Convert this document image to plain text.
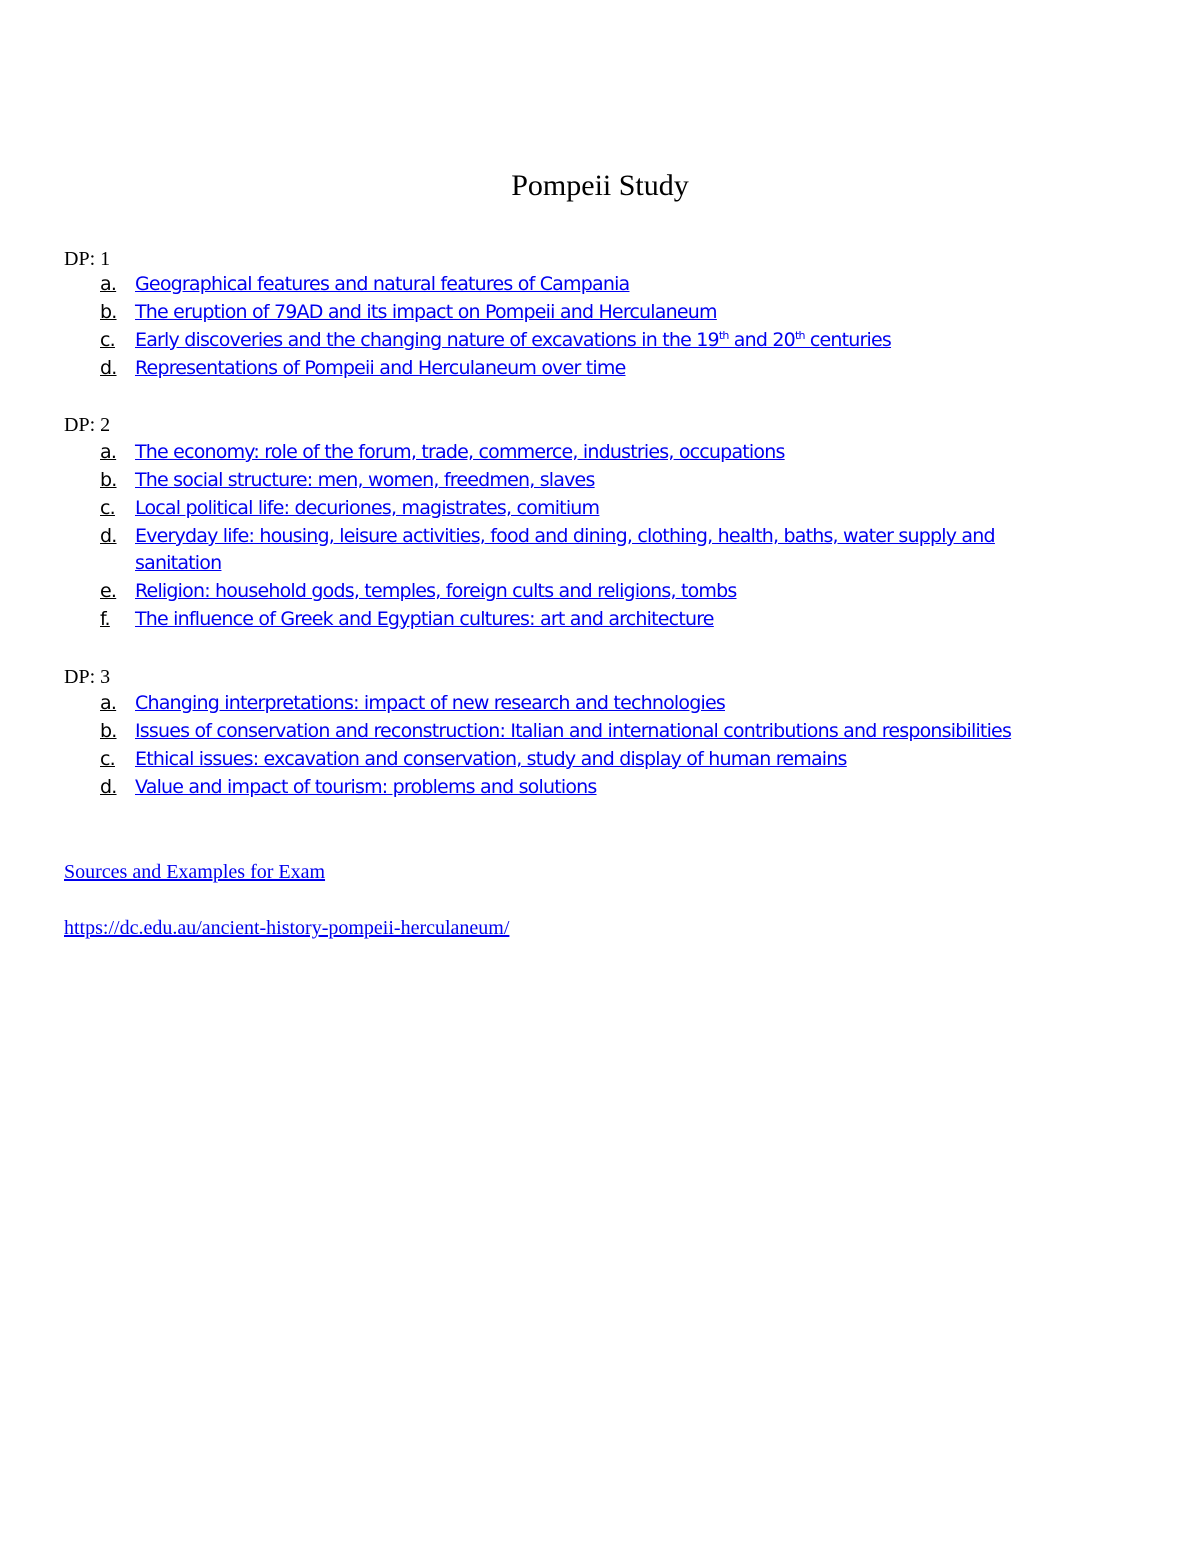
Pompeii Study
DP: 1
a. Geographical features and natural features of Campania
b. The eruption of 79AD and its impact on Pompeii and Herculaneum
c.	Early discoveries and the changing nature of excavations in the 19th and 20th centuries
d. Representations of Pompeii and Herculaneum over time
DP: 2
a. The economy: role of the forum, trade, commerce, industries, occupations
b. The social structure: men, women, freedmen, slaves
c.	Local political life: decuriones, magistrates, comitium
d. Everyday life: housing, leisure activities, food and dining, clothing, health, baths, water supply and sanitation
e. Religion: household gods, temples, foreign cults and religions, tombs
f.	The influence of Greek and Egyptian cultures: art and architecture
DP: 3
a. Changing interpretations: impact of new research and technologies
b. Issues of conservation and reconstruction: Italian and international contributions and responsibilities
c.	Ethical issues: excavation and conservation, study and display of human remains
d. Value and impact of tourism: problems and solutions
Sources and Examples for Exam
https://dc.edu.au/ancient-history-pompeii-herculaneum/
